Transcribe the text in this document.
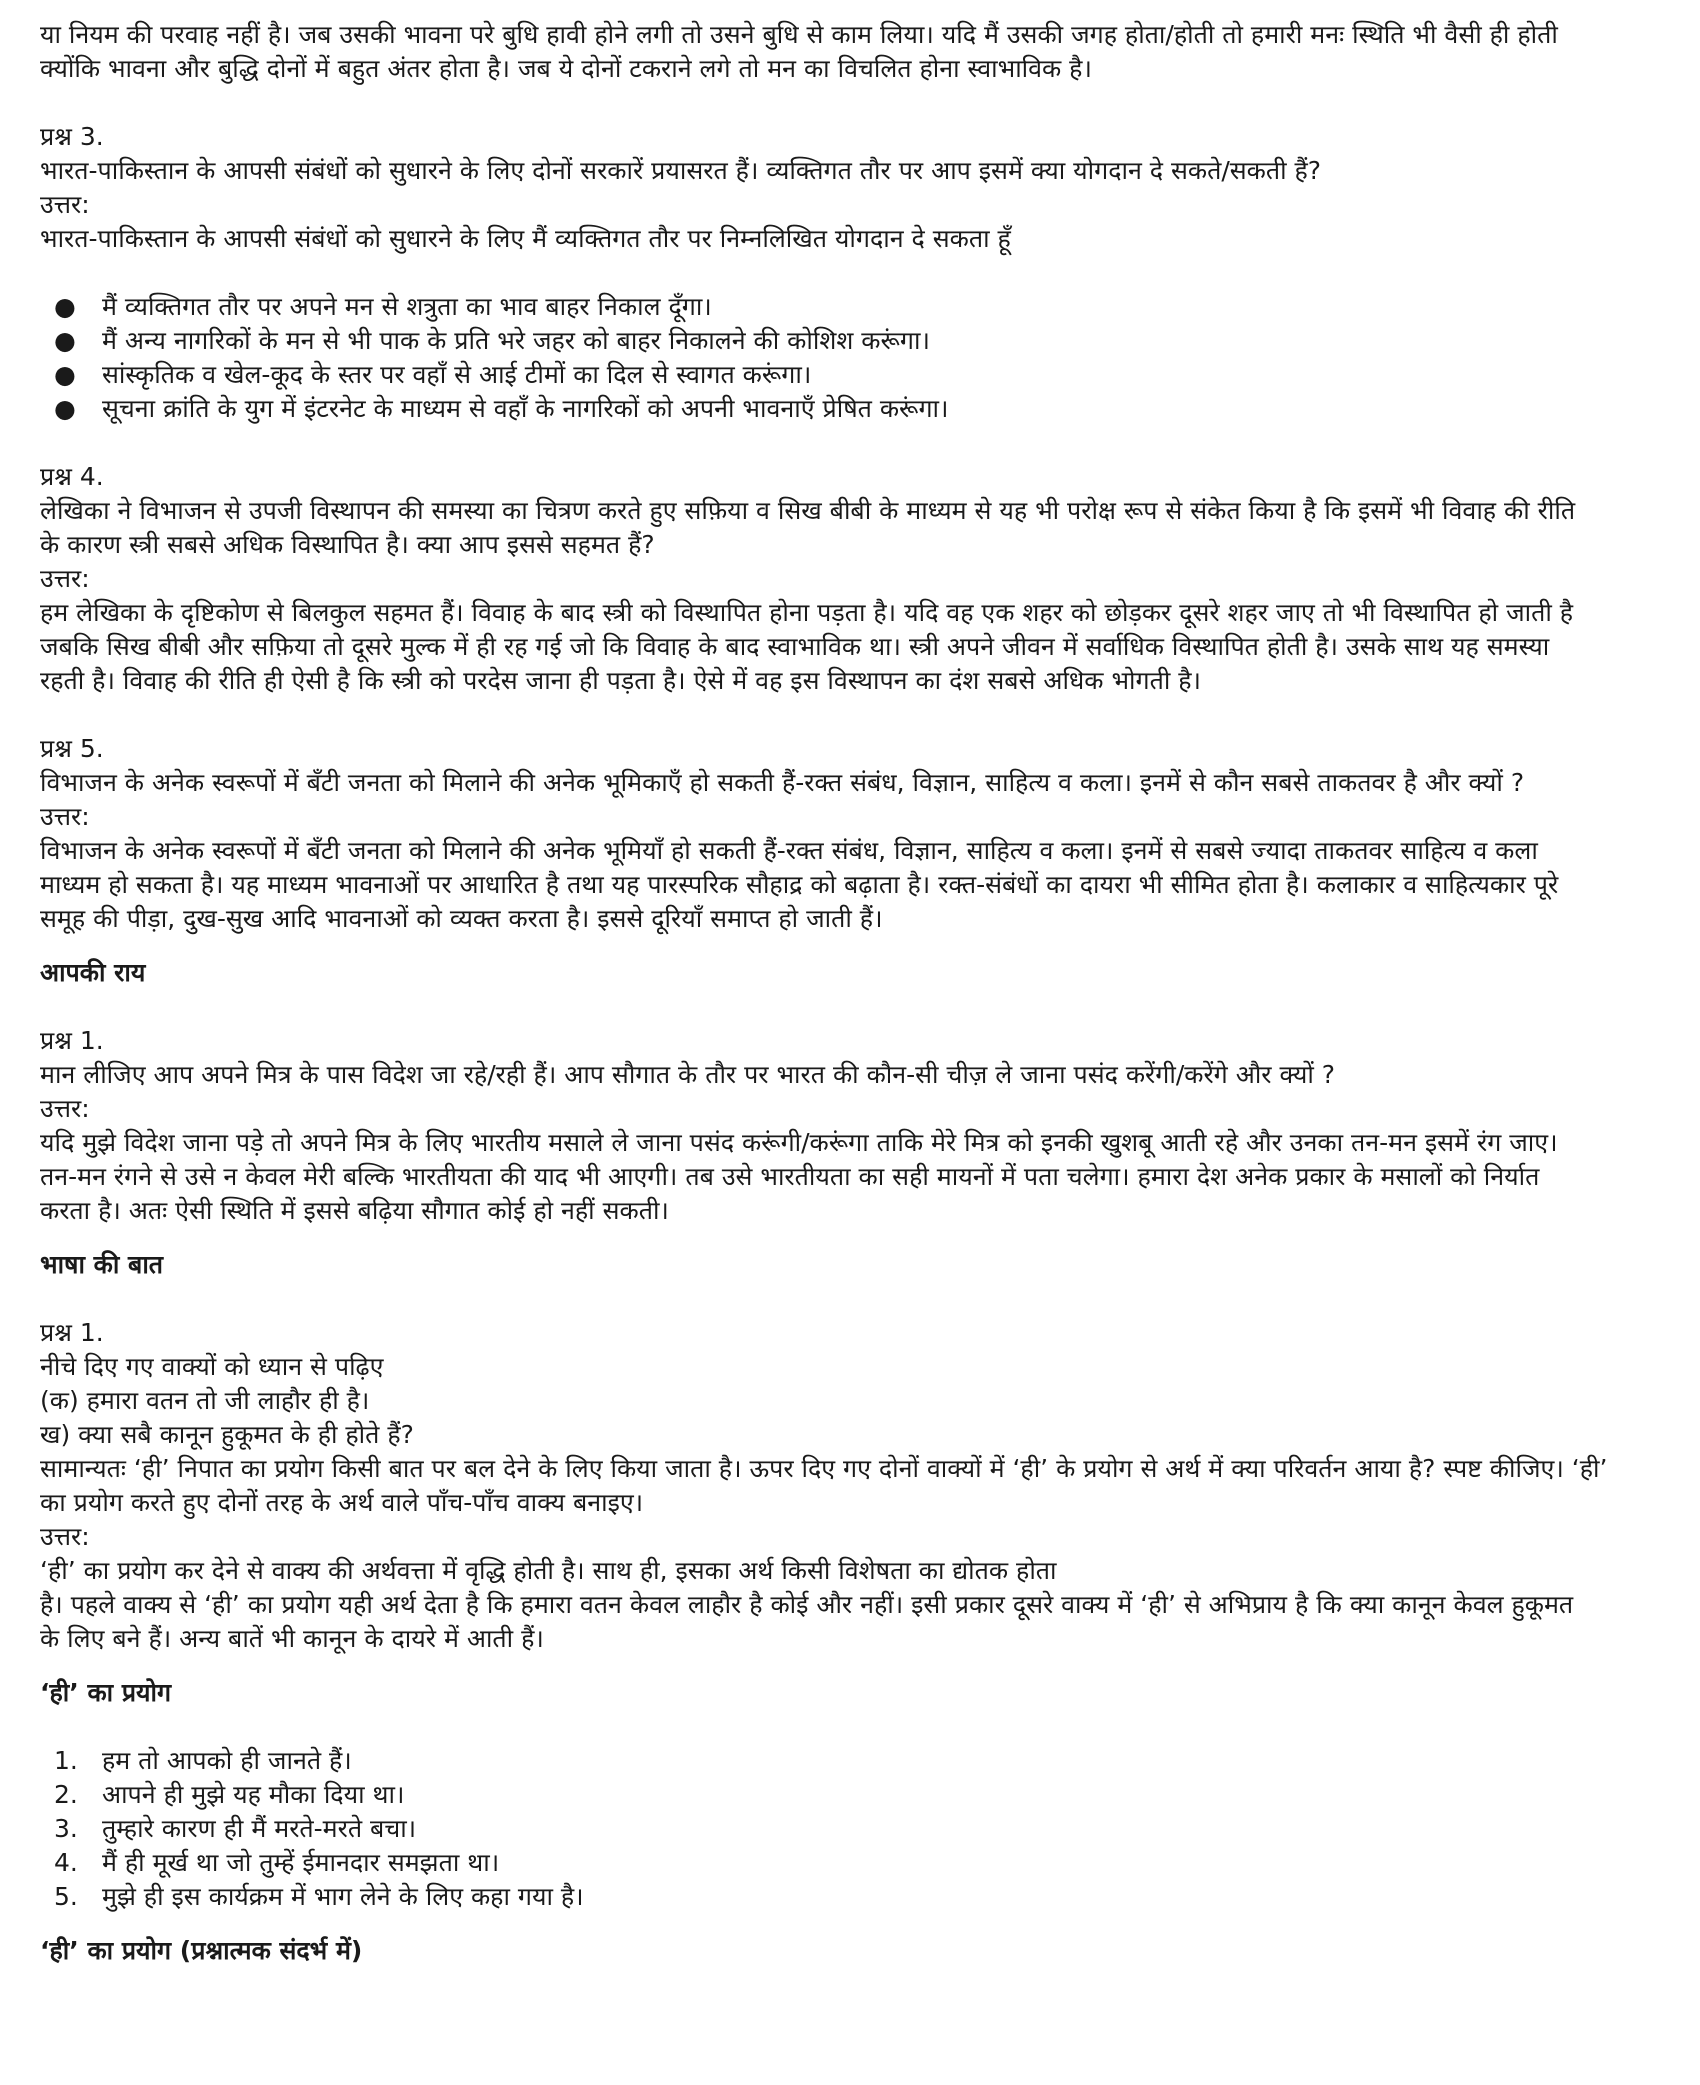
या नियम की परवाह नहीं है। जब उसकी भावना परे बुधि हावी होने लगी तो उसने बुधि से काम लिया। यदि मैं उसकी जगह होता/होती तो हमारी मनः स्थिति भी वैसी ही होती

क्योंकि भावना और बुद्धि दोनों में बहुत अंतर होता है। जब ये दोनों टकराने लगे तो मन का विचलित होना स्वाभाविक है।

प्रश्न 3.

भारत-पाकिस्तान के आपसी संबंधों को सुधारने के लिए दोनों सरकारें प्रयासरत हैं। व्यक्तिगत तौर पर आप इसमें क्या योगदान दे सकते/सकती हैं?

उत्तर:

भारत-पाकिस्तान के आपसी संबंधों को सुधारने के लिए मैं व्यक्तिगत तौर पर निम्नलिखित योगदान दे सकता हूँ

● मैं व्यक्तिगत तौर पर अपने मन से शत्रुता का भाव बाहर निकाल दूँगा।
● मैं अन्य नागरिकों के मन से भी पाक के प्रति भरे जहर को बाहर निकालने की कोशिश करूंगा।
● सांस्कृतिक व खेल-कूद के स्तर पर वहाँ से आई टीमों का दिल से स्वागत करूंगा।
● सूचना क्रांति के युग में इंटरनेट के माध्यम से वहाँ के नागरिकों को अपनी भावनाएँ प्रेषित करूंगा।

प्रश्न 4.

लेखिका ने विभाजन से उपजी विस्थापन की समस्या का चित्रण करते हुए सफ़िया व सिख बीबी के माध्यम से यह भी परोक्ष रूप से संकेत किया है कि इसमें भी विवाह की रीति

के कारण स्त्री सबसे अधिक विस्थापित है। क्या आप इससे सहमत हैं?

उत्तर:

हम लेखिका के दृष्टिकोण से बिलकुल सहमत हैं। विवाह के बाद स्त्री को विस्थापित होना पड़ता है। यदि वह एक शहर को छोड़कर दूसरे शहर जाए तो भी विस्थापित हो जाती है

जबकि सिख बीबी और सफ़िया तो दूसरे मुल्क में ही रह गई जो कि विवाह के बाद स्वाभाविक था। स्त्री अपने जीवन में सर्वाधिक विस्थापित होती है। उसके साथ यह समस्या

रहती है। विवाह की रीति ही ऐसी है कि स्त्री को परदेस जाना ही पड़ता है। ऐसे में वह इस विस्थापन का दंश सबसे अधिक भोगती है।

प्रश्न 5.

विभाजन के अनेक स्वरूपों में बँटी जनता को मिलाने की अनेक भूमिकाएँ हो सकती हैं-रक्त संबंध, विज्ञान, साहित्य व कला। इनमें से कौन सबसे ताकतवर है और क्यों ?

उत्तर:

विभाजन के अनेक स्वरूपों में बँटी जनता को मिलाने की अनेक भूमियाँ हो सकती हैं-रक्त संबंध, विज्ञान, साहित्य व कला। इनमें से सबसे ज्यादा ताकतवर साहित्य व कला

माध्यम हो सकता है। यह माध्यम भावनाओं पर आधारित है तथा यह पारस्परिक सौहाद्र को बढ़ाता है। रक्त-संबंधों का दायरा भी सीमित होता है। कलाकार व साहित्यकार पूरे

समूह की पीड़ा, दुख-सुख आदि भावनाओं को व्यक्त करता है। इससे दूरियाँ समाप्त हो जाती हैं।

आपकी राय

प्रश्न 1.

मान लीजिए आप अपने मित्र के पास विदेश जा रहे/रही हैं। आप सौगात के तौर पर भारत की कौन-सी चीज़ ले जाना पसंद करेंगी/करेंगे और क्यों ?

उत्तर:

यदि मुझे विदेश जाना पड़े तो अपने मित्र के लिए भारतीय मसाले ले जाना पसंद करूंगी/करूंगा ताकि मेरे मित्र को इनकी खुशबू आती रहे और उनका तन-मन इसमें रंग जाए।

तन-मन रंगने से उसे न केवल मेरी बल्कि भारतीयता की याद भी आएगी। तब उसे भारतीयता का सही मायनों में पता चलेगा। हमारा देश अनेक प्रकार के मसालों को निर्यात

करता है। अतः ऐसी स्थिति में इससे बढ़िया सौगात कोई हो नहीं सकती।

भाषा की बात

प्रश्न 1.

नीचे दिए गए वाक्यों को ध्यान से पढ़िए

(क) हमारा वतन तो जी लाहौर ही है।

ख) क्या सबै कानून हुकूमत के ही होते हैं?

सामान्यतः ‘ही’ निपात का प्रयोग किसी बात पर बल देने के लिए किया जाता है। ऊपर दिए गए दोनों वाक्यों में ‘ही’ के प्रयोग से अर्थ में क्या परिवर्तन आया है? स्पष्ट कीजिए। ‘ही’

का प्रयोग करते हुए दोनों तरह के अर्थ वाले पाँच-पाँच वाक्य बनाइए।

उत्तर:

‘ही’ का प्रयोग कर देने से वाक्य की अर्थवत्ता में वृद्धि होती है। साथ ही, इसका अर्थ किसी विशेषता का द्योतक होता

है। पहले वाक्य से ‘ही’ का प्रयोग यही अर्थ देता है कि हमारा वतन केवल लाहौर है कोई और नहीं। इसी प्रकार दूसरे वाक्य में ‘ही’ से अभिप्राय है कि क्या कानून केवल हुकूमत

के लिए बने हैं। अन्य बातें भी कानून के दायरे में आती हैं।

‘ही’ का प्रयोग

1. हम तो आपको ही जानते हैं।
2. आपने ही मुझे यह मौका दिया था।
3. तुम्हारे कारण ही मैं मरते-मरते बचा।
4. मैं ही मूर्ख था जो तुम्हें ईमानदार समझता था।
5. मुझे ही इस कार्यक्रम में भाग लेने के लिए कहा गया है।

‘ही’ का प्रयोग (प्रश्नात्मक संदर्भ में)
